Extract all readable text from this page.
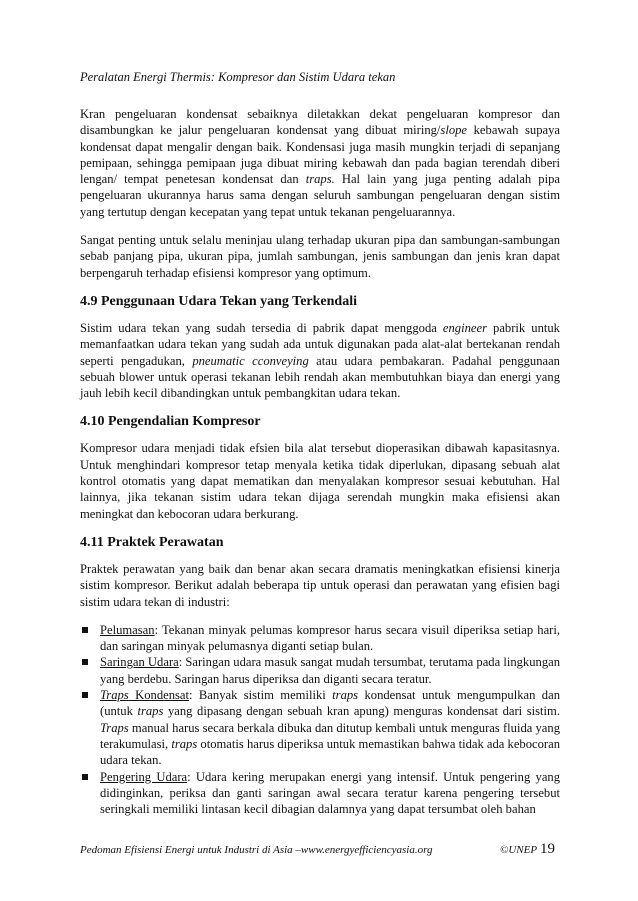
Peralatan Energi Thermis: Kompresor dan Sistim Udara tekan

Kran pengeluaran kondensat sebaiknya diletakkan dekat pengeluaran kompresor dan disambungkan ke jalur pengeluaran kondensat yang dibuat miring/slope kebawah supaya kondensat dapat mengalir dengan baik. Kondensasi juga masih mungkin terjadi di sepanjang pemipaan, sehingga pemipaan juga dibuat miring kebawah dan pada bagian terendah diberi lengan/ tempat penetesan kondensat dan traps. Hal lain yang juga penting adalah pipa pengeluaran ukurannya harus sama dengan seluruh sambungan pengeluaran dengan sistim yang tertutup dengan kecepatan yang tepat untuk tekanan pengeluarannya.

Sangat penting untuk selalu meninjau ulang terhadap ukuran pipa dan sambungan-sambungan sebab panjang pipa, ukuran pipa, jumlah sambungan, jenis sambungan dan jenis kran dapat berpengaruh terhadap efisiensi kompresor yang optimum.

4.9 Penggunaan Udara Tekan yang Terkendali

Sistim udara tekan yang sudah tersedia di pabrik dapat menggoda engineer pabrik untuk memanfaatkan udara tekan yang sudah ada untuk digunakan pada alat-alat bertekanan rendah seperti pengadukan, pneumatic cconveying atau udara pembakaran. Padahal penggunaan sebuah blower untuk operasi tekanan lebih rendah akan membutuhkan biaya dan energi yang jauh lebih kecil dibandingkan untuk pembangkitan udara tekan.

4.10 Pengendalian Kompresor

Kompresor udara menjadi tidak efsien bila alat tersebut dioperasikan dibawah kapasitasnya. Untuk menghindari kompresor tetap menyala ketika tidak diperlukan, dipasang sebuah alat kontrol otomatis yang dapat mematikan dan menyalakan kompresor sesuai kebutuhan. Hal lainnya, jika tekanan sistim udara tekan dijaga serendah mungkin maka efisiensi akan meningkat dan kebocoran udara berkurang.

4.11 Praktek Perawatan

Praktek perawatan yang baik dan benar akan secara dramatis meningkatkan efisiensi kinerja sistim kompresor. Berikut adalah beberapa tip untuk operasi dan perawatan yang efisien bagi sistim udara tekan di industri:

Pelumasan: Tekanan minyak pelumas kompresor harus secara visuil diperiksa setiap hari, dan saringan minyak pelumasnya diganti setiap bulan.
Saringan Udara: Saringan udara masuk sangat mudah tersumbat, terutama pada lingkungan yang berdebu. Saringan harus diperiksa dan diganti secara teratur.
Traps Kondensat: Banyak sistim memiliki traps kondensat untuk mengumpulkan dan (untuk traps yang dipasang dengan sebuah kran apung) menguras kondensat dari sistim. Traps manual harus secara berkala dibuka dan ditutup kembali untuk menguras fluida yang terakumulasi, traps otomatis harus diperiksa untuk memastikan bahwa tidak ada kebocoran udara tekan.
Pengering Udara: Udara kering merupakan energi yang intensif. Untuk pengering yang didinginkan, periksa dan ganti saringan awal secara teratur karena pengering tersebut seringkali memiliki lintasan kecil dibagian dalamnya yang dapat tersumbat oleh bahan
Pedoman Efisiensi Energi untuk Industri di Asia –www.energyefficiencyasia.org	©UNEP 19
